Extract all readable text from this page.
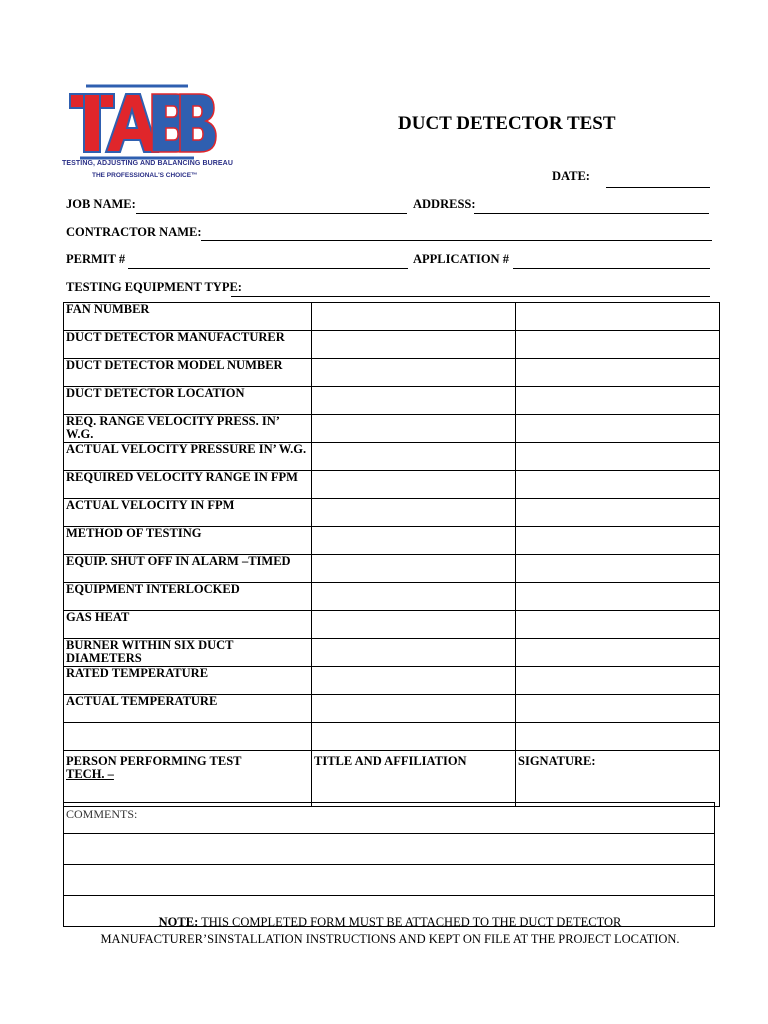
TESTING, ADJUSTING AND BALANCING BUREAU
THE PROFESSIONAL'S CHOICE™
DUCT DETECTOR TEST
DATE:
JOB NAME:	ADDRESS:
CONTRACTOR NAME:
PERMIT #	APPLICATION #
TESTING EQUIPMENT TYPE:
FAN NUMBER		
DUCT DETECTOR MANUFACTURER		
DUCT DETECTOR MODEL NUMBER		
DUCT DETECTOR LOCATION		
REQ. RANGE VELOCITY PRESS. IN’ W.G.		
ACTUAL VELOCITY PRESSURE IN’ W.G.		
REQUIRED VELOCITY RANGE IN FPM		
ACTUAL VELOCITY IN FPM		
METHOD OF TESTING		
EQUIP. SHUT OFF IN ALARM –TIMED		
EQUIPMENT INTERLOCKED		
GAS HEAT		
BURNER WITHIN SIX DUCT DIAMETERS		
RATED TEMPERATURE		
ACTUAL TEMPERATURE		

PERSON PERFORMING TEST
TECH. –	TITLE AND AFFILIATION	SIGNATURE:
COMMENTS:

NOTE: THIS COMPLETED FORM MUST BE ATTACHED TO THE DUCT DETECTOR MANUFACTURER’SINSTALLATION INSTRUCTIONS AND KEPT ON FILE AT THE PROJECT LOCATION.
